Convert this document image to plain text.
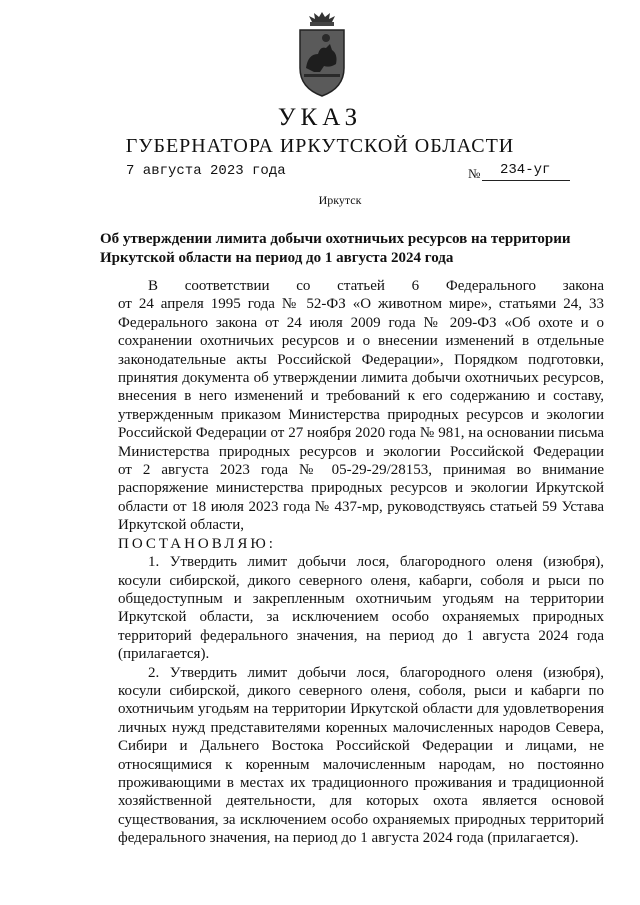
УКАЗ
ГУБЕРНАТОРА ИРКУТСКОЙ ОБЛАСТИ
7 августа 2023 года	№	234-уг
Иркутск
Об утверждении лимита добычи охотничьих ресурсов на территории
Иркутской области на период до 1 августа 2024 года
В соответствии со статьей 6 Федерального закона
от 24 апреля 1995 года № 52-ФЗ «О животном мире», статьями 24, 33
Федерального закона от 24 июля 2009 года № 209-ФЗ «Об охоте и о
сохранении охотничьих ресурсов и о внесении изменений в отдельные
законодательные акты Российской Федерации», Порядком подготовки,
принятия документа об утверждении лимита добычи охотничьих ресурсов,
внесения в него изменений и требований к его содержанию и составу,
утвержденным приказом Министерства природных ресурсов и экологии
Российской Федерации от 27 ноября 2020 года № 981, на основании письма
Министерства природных ресурсов и экологии Российской Федерации
от 2 августа 2023 года № 05-29-29/28153, принимая во внимание
распоряжение министерства природных ресурсов и экологии Иркутской
области от 18 июля 2023 года № 437-мр, руководствуясь статьей 59 Устава
Иркутской области,
ПОСТАНОВЛЯЮ:
1. Утвердить лимит добычи лося, благородного оленя (изюбря),
косули сибирской, дикого северного оленя, кабарги, соболя и рыси по
общедоступным и закрепленным охотничьим угодьям на территории
Иркутской области, за исключением особо охраняемых природных
территорий федерального значения, на период до 1 августа 2024 года
(прилагается).
2. Утвердить лимит добычи лося, благородного оленя (изюбря),
косули сибирской, дикого северного оленя, соболя, рыси и кабарги по
охотничьим угодьям на территории Иркутской области для удовлетворения
личных нужд представителями коренных малочисленных народов Севера,
Сибири и Дальнего Востока Российской Федерации и лицами, не
относящимися к коренным малочисленным народам, но постоянно
проживающими в местах их традиционного проживания и традиционной
хозяйственной деятельности, для которых охота является основой
существования, за исключением особо охраняемых природных территорий
федерального значения, на период до 1 августа 2024 года (прилагается).
